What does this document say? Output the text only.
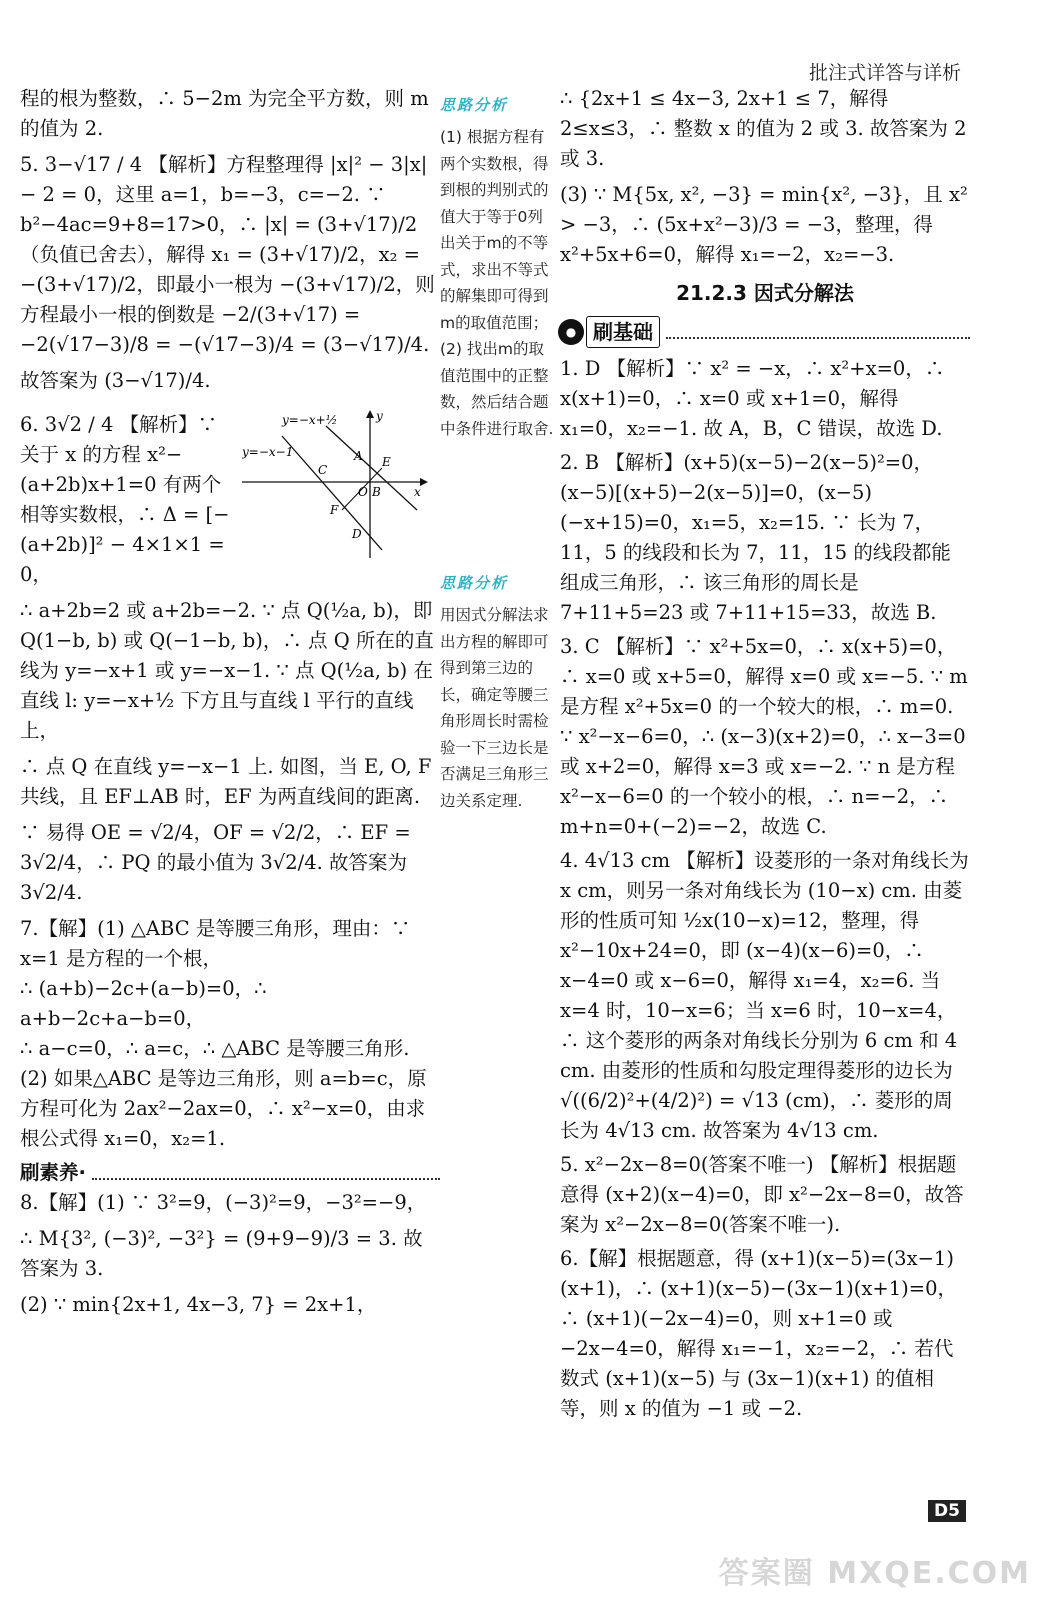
批注式详答与详析

程的根为整数，∴ 5−2m 为完全平方数，则 m 的值为 2.

5. 3−√17 / 4 【解析】方程整理得 |x|² − 3|x| − 2 = 0，这里 a=1，b=−3，c=−2. ∵ b²−4ac=9+8=17>0，∴ |x| = (3+√17)/2（负值已舍去），解得 x₁ = (3+√17)/2，x₂ = −(3+√17)/2，即最小一根为 −(3+√17)/2，则方程最小一根的倒数是 −2/(3+√17) = −2(√17−3)/8 = −(√17−3)/4 = (3−√17)/4.

故答案为 (3−√17)/4.

6. 3√2 / 4 【解析】∵ 关于 x 的方程 x²−(a+2b)x+1=0 有两个相等实数根，∴ Δ = [−(a+2b)]² − 4×1×1 = 0，

y=−x+½
y=−x−1
y
x
A E
C
O B
F
D

∴ a+2b=2 或 a+2b=−2. ∵ 点 Q(½a, b)，即 Q(1−b, b) 或 Q(−1−b, b)，∴ 点 Q 所在的直线为 y=−x+1 或 y=−x−1. ∵ 点 Q(½a, b) 在直线 l: y=−x+½ 下方且与直线 l 平行的直线上，

∴ 点 Q 在直线 y=−x−1 上. 如图，当 E, O, F 共线，且 EF⊥AB 时，EF 为两直线间的距离.

∵ 易得 OE = √2/4，OF = √2/2，∴ EF = 3√2/4，∴ PQ 的最小值为 3√2/4. 故答案为 3√2/4.

7.【解】(1) △ABC 是等腰三角形，理由：∵ x=1 是方程的一个根，

∴ (a+b)−2c+(a−b)=0，∴ a+b−2c+a−b=0，

∴ a−c=0，∴ a=c，∴ △ABC 是等腰三角形.

(2) 如果△ABC 是等边三角形，则 a=b=c，原方程可化为 2ax²−2ax=0，∴ x²−x=0，由求根公式得 x₁=0，x₂=1.

刷素养·

8.【解】(1) ∵ 3²=9，(−3)²=9，−3²=−9，

∴ M{3², (−3)², −3²} = (9+9−9)/3 = 3. 故答案为 3.

(2) ∵ min{2x+1, 4x−3, 7} = 2x+1，

思路分析

(1) 根据方程有两个实数根，得到根的判别式的值大于等于0列出关于m的不等式，求出不等式的解集即可得到m的取值范围；(2) 找出m的取值范围中的正整数，然后结合题中条件进行取舍.

思路分析

用因式分解法求出方程的解即可得到第三边的长，确定等腰三角形周长时需检验一下三边长是否满足三角形三边关系定理.

∴ {2x+1 ≤ 4x−3, 2x+1 ≤ 7，解得 2≤x≤3，∴ 整数 x 的值为 2 或 3. 故答案为 2 或 3.

(3) ∵ M{5x, x², −3} = min{x², −3}，且 x² > −3，∴ (5x+x²−3)/3 = −3，整理，得 x²+5x+6=0，解得 x₁=−2，x₂=−3.

21.2.3 因式分解法
● 刷基础

1. D 【解析】∵ x² = −x，∴ x²+x=0，∴ x(x+1)=0，∴ x=0 或 x+1=0，解得 x₁=0，x₂=−1. 故 A，B，C 错误，故选 D.

2. B 【解析】(x+5)(x−5)−2(x−5)²=0，(x−5)[(x+5)−2(x−5)]=0，(x−5)(−x+15)=0，x₁=5，x₂=15. ∵ 长为 7，11，5 的线段和长为 7，11，15 的线段都能组成三角形，∴ 该三角形的周长是 7+11+5=23 或 7+11+15=33，故选 B.

3. C 【解析】∵ x²+5x=0，∴ x(x+5)=0，∴ x=0 或 x+5=0，解得 x=0 或 x=−5. ∵ m 是方程 x²+5x=0 的一个较大的根，∴ m=0. ∵ x²−x−6=0，∴ (x−3)(x+2)=0，∴ x−3=0 或 x+2=0，解得 x=3 或 x=−2. ∵ n 是方程 x²−x−6=0 的一个较小的根，∴ n=−2，∴ m+n=0+(−2)=−2，故选 C.

4. 4√13 cm 【解析】设菱形的一条对角线长为 x cm，则另一条对角线长为 (10−x) cm. 由菱形的性质可知 ½x(10−x)=12，整理，得 x²−10x+24=0，即 (x−4)(x−6)=0，∴ x−4=0 或 x−6=0，解得 x₁=4，x₂=6. 当 x=4 时，10−x=6；当 x=6 时，10−x=4，∴ 这个菱形的两条对角线长分别为 6 cm 和 4 cm. 由菱形的性质和勾股定理得菱形的边长为 √((6/2)²+(4/2)²) = √13 (cm)，∴ 菱形的周长为 4√13 cm. 故答案为 4√13 cm.

5. x²−2x−8=0(答案不唯一) 【解析】根据题意得 (x+2)(x−4)=0，即 x²−2x−8=0，故答案为 x²−2x−8=0(答案不唯一).

6.【解】根据题意，得 (x+1)(x−5)=(3x−1)(x+1)，∴ (x+1)(x−5)−(3x−1)(x+1)=0，∴ (x+1)(−2x−4)=0，则 x+1=0 或 −2x−4=0，解得 x₁=−1，x₂=−2，∴ 若代数式 (x+1)(x−5) 与 (3x−1)(x+1) 的值相等，则 x 的值为 −1 或 −2.

D5
答案圈 MXQE.COM
